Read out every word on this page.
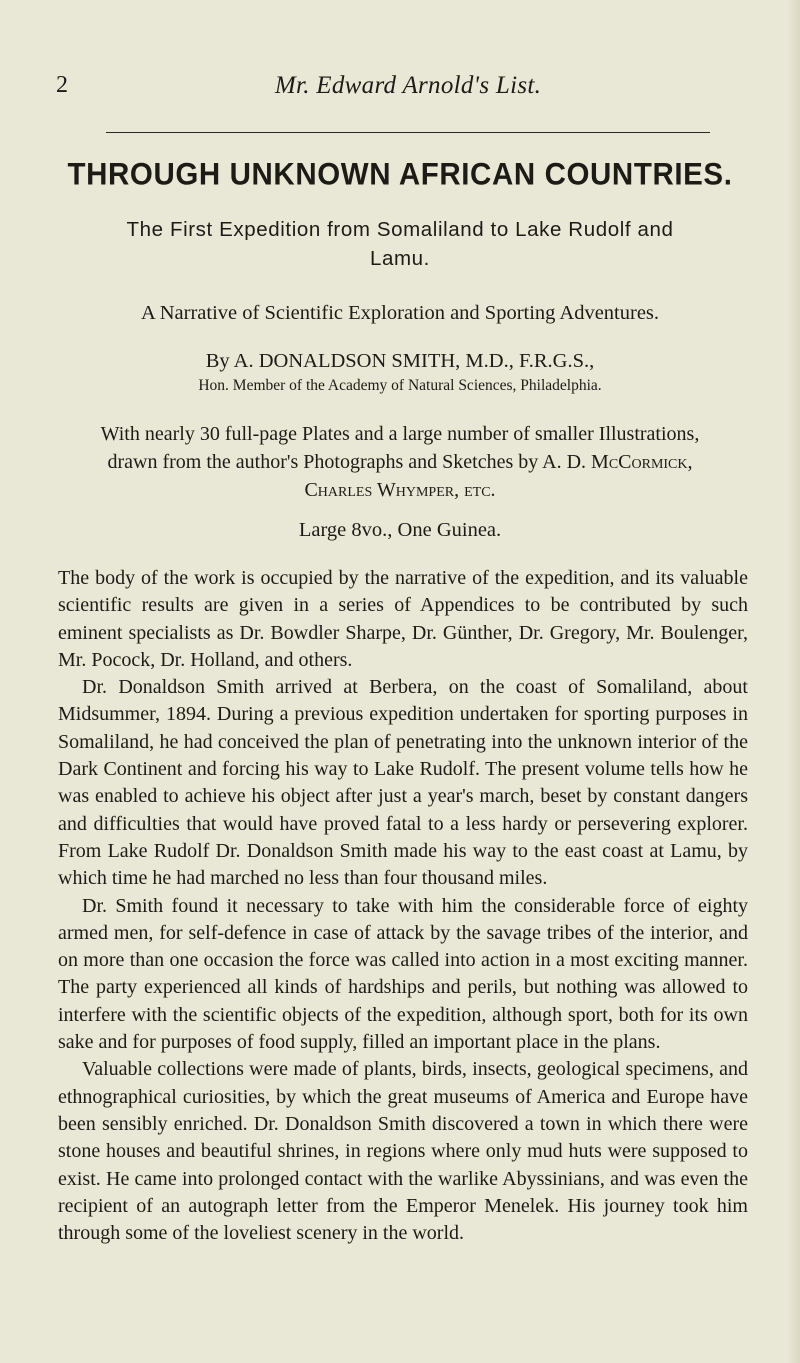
2	Mr. Edward Arnold's List.
THROUGH UNKNOWN AFRICAN COUNTRIES.
The First Expedition from Somaliland to Lake Rudolf and Lamu.
A Narrative of Scientific Exploration and Sporting Adventures.
By A. DONALDSON SMITH, M.D., F.R.G.S.,
Hon. Member of the Academy of Natural Sciences, Philadelphia.
With nearly 30 full-page Plates and a large number of smaller Illustrations, drawn from the author's Photographs and Sketches by A. D. McCormick, Charles Whymper, etc.
Large 8vo., One Guinea.

The body of the work is occupied by the narrative of the expedition, and its valuable scientific results are given in a series of Appendices to be contributed by such eminent specialists as Dr. Bowdler Sharpe, Dr. Günther, Dr. Gregory, Mr. Boulenger, Mr. Pocock, Dr. Holland, and others.

Dr. Donaldson Smith arrived at Berbera, on the coast of Somaliland, about Midsummer, 1894. During a previous expedition undertaken for sporting purposes in Somaliland, he had conceived the plan of penetrating into the unknown interior of the Dark Continent and forcing his way to Lake Rudolf. The present volume tells how he was enabled to achieve his object after just a year's march, beset by constant dangers and difficulties that would have proved fatal to a less hardy or persevering explorer. From Lake Rudolf Dr. Donaldson Smith made his way to the east coast at Lamu, by which time he had marched no less than four thousand miles.

Dr. Smith found it necessary to take with him the considerable force of eighty armed men, for self-defence in case of attack by the savage tribes of the interior, and on more than one occasion the force was called into action in a most exciting manner. The party experienced all kinds of hardships and perils, but nothing was allowed to interfere with the scientific objects of the expedition, although sport, both for its own sake and for purposes of food supply, filled an important place in the plans.

Valuable collections were made of plants, birds, insects, geological specimens, and ethnographical curiosities, by which the great museums of America and Europe have been sensibly enriched. Dr. Donaldson Smith discovered a town in which there were stone houses and beautiful shrines, in regions where only mud huts were supposed to exist. He came into prolonged contact with the warlike Abyssinians, and was even the recipient of an autograph letter from the Emperor Menelek. His journey took him through some of the loveliest scenery in the world.
